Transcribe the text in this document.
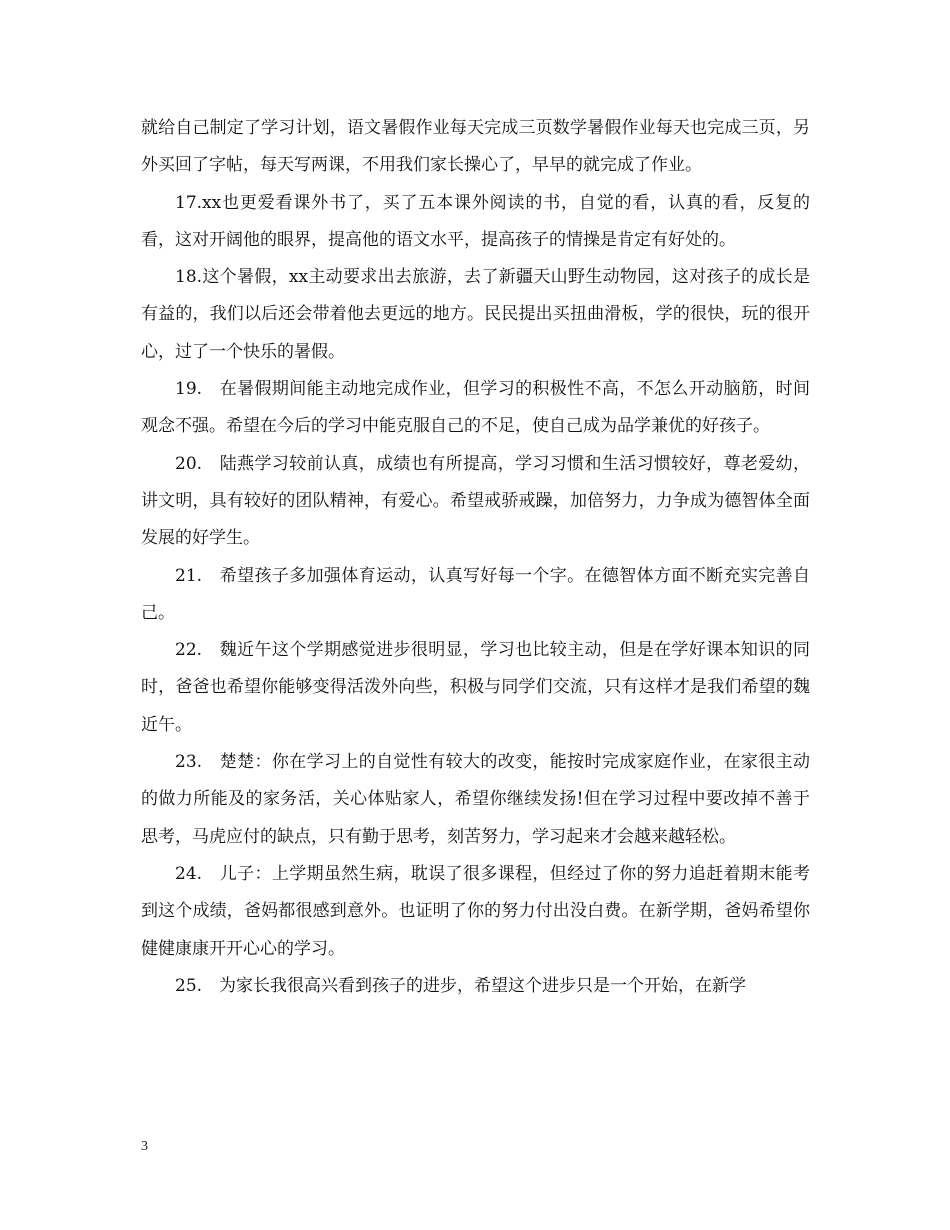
就给自己制定了学习计划，语文暑假作业每天完成三页数学暑假作业每天也完成三页，另外买回了字帖，每天写两课，不用我们家长操心了，早早的就完成了作业。

17.xx也更爱看课外书了，买了五本课外阅读的书，自觉的看，认真的看，反复的看，这对开阔他的眼界，提高他的语文水平，提高孩子的情操是肯定有好处的。

18.这个暑假，xx主动要求出去旅游，去了新疆天山野生动物园，这对孩子的成长是有益的，我们以后还会带着他去更远的地方。民民提出买扭曲滑板，学的很快，玩的很开心，过了一个快乐的暑假。

19.　在暑假期间能主动地完成作业，但学习的积极性不高，不怎么开动脑筋，时间观念不强。希望在今后的学习中能克服自己的不足，使自己成为品学兼优的好孩子。

20.　陆燕学习较前认真，成绩也有所提高，学习习惯和生活习惯较好，尊老爱幼，讲文明，具有较好的团队精神，有爱心。希望戒骄戒躁，加倍努力，力争成为德智体全面发展的好学生。

21.　希望孩子多加强体育运动，认真写好每一个字。在德智体方面不断充实完善自己。

22.　魏近午这个学期感觉进步很明显，学习也比较主动，但是在学好课本知识的同时，爸爸也希望你能够变得活泼外向些，积极与同学们交流，只有这样才是我们希望的魏近午。

23.　楚楚：你在学习上的自觉性有较大的改变，能按时完成家庭作业，在家很主动的做力所能及的家务活，关心体贴家人，希望你继续发扬!但在学习过程中要改掉不善于思考，马虎应付的缺点，只有勤于思考，刻苦努力，学习起来才会越来越轻松。

24.　儿子：上学期虽然生病，耽误了很多课程，但经过了你的努力追赶着期末能考到这个成绩，爸妈都很感到意外。也证明了你的努力付出没白费。在新学期，爸妈希望你健健康康开开心心的学习。

25.　为家长我很高兴看到孩子的进步，希望这个进步只是一个开始，在新学

3
